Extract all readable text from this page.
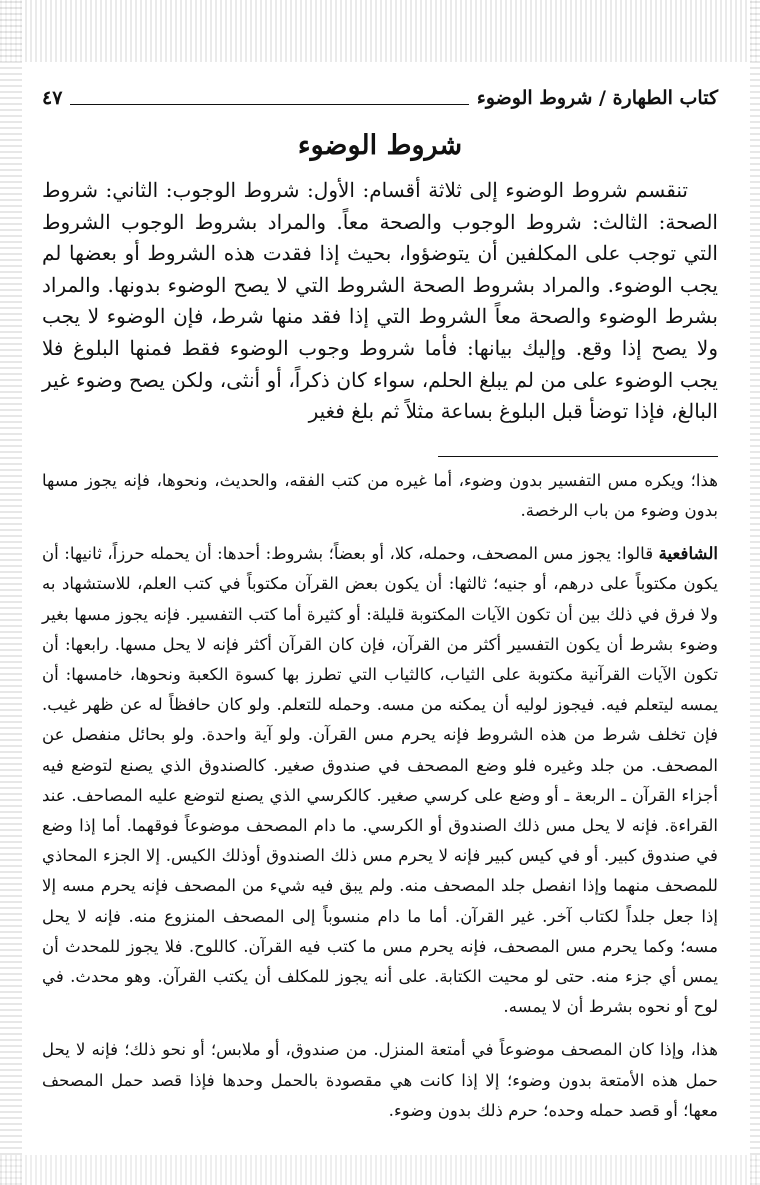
كتاب الطهارة / شروط الوضوء
٤٧
شروط الوضوء

تنقسم شروط الوضوء إلى ثلاثة أقسام: الأول: شروط الوجوب: الثاني: شروط الصحة: الثالث: شروط الوجوب والصحة معاً. والمراد بشروط الوجوب الشروط التي توجب على المكلفين أن يتوضؤوا، بحيث إذا فقدت هذه الشروط أو بعضها لم يجب الوضوء. والمراد بشروط الصحة الشروط التي لا يصح الوضوء بدونها. والمراد بشرط الوضوء والصحة معاً الشروط التي إذا فقد منها شرط، فإن الوضوء لا يجب ولا يصح إذا وقع. وإليك بيانها: فأما شروط وجوب الوضوء فقط فمنها البلوغ فلا يجب الوضوء على من لم يبلغ الحلم، سواء كان ذكراً، أو أنثى، ولكن يصح وضوء غير البالغ، فإذا توضأ قبل البلوغ بساعة مثلاً ثم بلغ فغير

هذا؛ ويكره مس التفسير بدون وضوء، أما غيره من كتب الفقه، والحديث، ونحوها، فإنه يجوز مسها بدون وضوء من باب الرخصة.

الشافعية قالوا: يجوز مس المصحف، وحمله، كلا، أو بعضاً؛ بشروط: أحدها: أن يحمله حرزاً، ثانيها: أن يكون مكتوباً على درهم، أو جنيه؛ ثالثها: أن يكون بعض القرآن مكتوباً في كتب العلم، للاستشهاد به ولا فرق في ذلك بين أن تكون الآيات المكتوبة قليلة: أو كثيرة أما كتب التفسير. فإنه يجوز مسها بغير وضوء بشرط أن يكون التفسير أكثر من القرآن، فإن كان القرآن أكثر فإنه لا يحل مسها. رابعها: أن تكون الآيات القرآنية مكتوبة على الثياب، كالثياب التي تطرز بها كسوة الكعبة ونحوها، خامسها: أن يمسه ليتعلم فيه. فيجوز لوليه أن يمكنه من مسه. وحمله للتعلم. ولو كان حافظاً له عن ظهر غيب. فإن تخلف شرط من هذه الشروط فإنه يحرم مس القرآن. ولو آية واحدة. ولو بحائل منفصل عن المصحف. من جلد وغيره فلو وضع المصحف في صندوق صغير. كالصندوق الذي يصنع لتوضع فيه أجزاء القرآن ـ الربعة ـ أو وضع على كرسي صغير. كالكرسي الذي يصنع لتوضع عليه المصاحف. عند القراءة. فإنه لا يحل مس ذلك الصندوق أو الكرسي. ما دام المصحف موضوعاً فوقهما. أما إذا وضع في صندوق كبير. أو في كيس كبير فإنه لا يحرم مس ذلك الصندوق أوذلك الكيس. إلا الجزء المحاذي للمصحف منهما وإذا انفصل جلد المصحف منه. ولم يبق فيه شيء من المصحف فإنه يحرم مسه إلا إذا جعل جلداً لكتاب آخر. غير القرآن. أما ما دام منسوباً إلى المصحف المنزوع منه. فإنه لا يحل مسه؛ وكما يحرم مس المصحف، فإنه يحرم مس ما كتب فيه القرآن. كاللوح. فلا يجوز للمحدث أن يمس أي جزء منه. حتى لو محيت الكتابة. على أنه يجوز للمكلف أن يكتب القرآن. وهو محدث. في لوح أو نحوه بشرط أن لا يمسه.

هذا، وإذا كان المصحف موضوعاً في أمتعة المنزل. من صندوق، أو ملابس؛ أو نحو ذلك؛ فإنه لا يحل حمل هذه الأمتعة بدون وضوء؛ إلا إذا كانت هي مقصودة بالحمل وحدها فإذا قصد حمل المصحف معها؛ أو قصد حمله وحده؛ حرم ذلك بدون وضوء.
